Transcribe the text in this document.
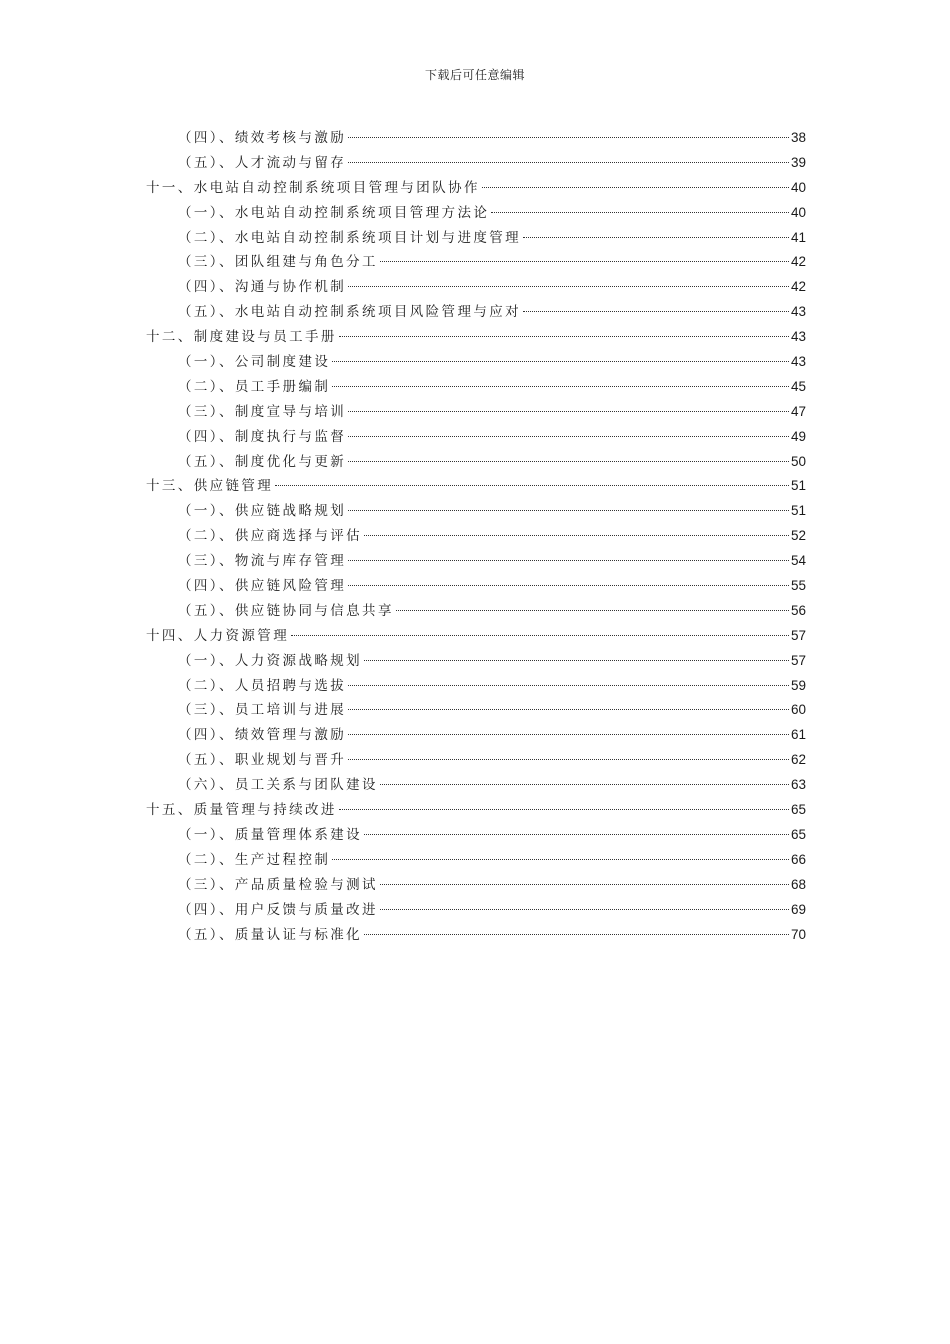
下载后可任意编辑
（四）、绩效考核与激励	38
（五）、人才流动与留存	39
十一、水电站自动控制系统项目管理与团队协作	40
（一）、水电站自动控制系统项目管理方法论	40
（二）、水电站自动控制系统项目计划与进度管理	41
（三）、团队组建与角色分工	42
（四）、沟通与协作机制	42
（五）、水电站自动控制系统项目风险管理与应对	43
十二、制度建设与员工手册	43
（一）、公司制度建设	43
（二）、员工手册编制	45
（三）、制度宣导与培训	47
（四）、制度执行与监督	49
（五）、制度优化与更新	50
十三、供应链管理	51
（一）、供应链战略规划	51
（二）、供应商选择与评估	52
（三）、物流与库存管理	54
（四）、供应链风险管理	55
（五）、供应链协同与信息共享	56
十四、人力资源管理	57
（一）、人力资源战略规划	57
（二）、人员招聘与选拔	59
（三）、员工培训与进展	60
（四）、绩效管理与激励	61
（五）、职业规划与晋升	62
（六）、员工关系与团队建设	63
十五、质量管理与持续改进	65
（一）、质量管理体系建设	65
（二）、生产过程控制	66
（三）、产品质量检验与测试	68
（四）、用户反馈与质量改进	69
（五）、质量认证与标准化	70
